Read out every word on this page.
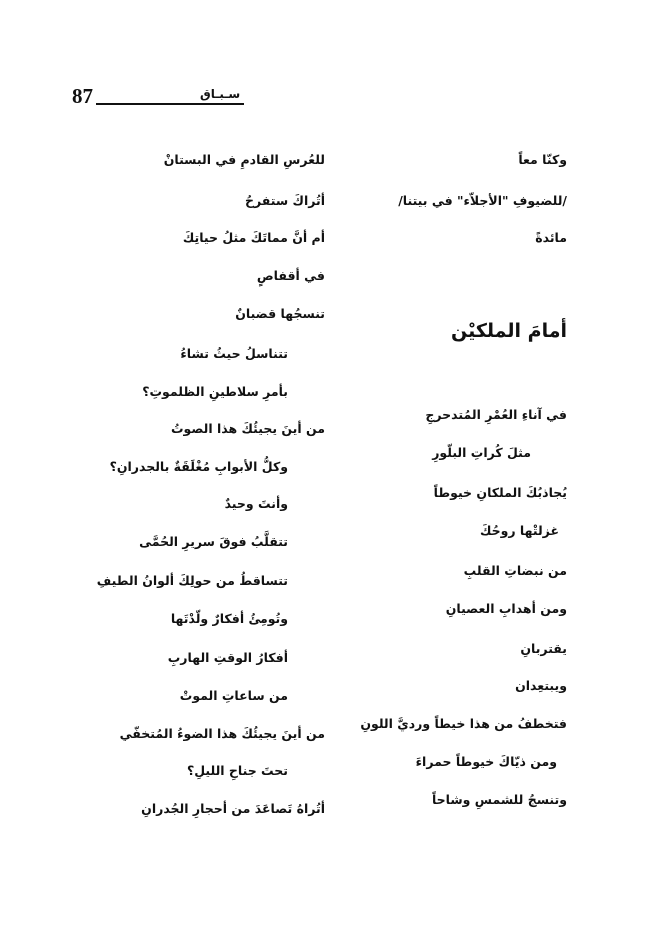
87	سـبـاق
وكنّا معاً
/للضيوفِ "الأجلاّء" في بيتنا/
مائدةً
أمامَ الملكيْن
في آناءِ العُمْرِ المُتدحرجِ
مثلَ كُراتِ البلّورِ
يُجاذبُكَ الملكانِ خيوطاً
غزلتْها روحُكَ
من نبضاتِ القلبِ
ومن أهدابِ العصيانِ
يقتربانِ
ويبتعِدان
فتخطفُ من هذا خيطاً ورديَّ اللونِ
ومن ذيّاكَ خيوطاً حمراءَ
وتنسجُ للشمسِ وشاحاً
للعُرسِ القادمِ في البستانْ
أتُراكَ ستفرحُ
أم أنَّ مماتَكَ مثلُ حياتِكَ
في أقفاصٍ
تنسجُها قضبانٌ
تتناسلُ حيثُ تشاءُ
بأمرِ سلاطينِ الظلموتِ؟
من أينَ يجيئُكَ هذا الصوتُ
وكلُّ الأبوابِ مُغْلَقَةٌ بالجدرانِ؟
وأنتَ وحيدٌ
تتقلَّبُ فوقَ سريرِ الحُمَّى
تتساقطُ من حولِكَ ألوانُ الطيفِ
وتُومِئُ أفكارٌ ولّدْتَها
أفكارُ الوقتِ الهاربِ
من ساعاتِ الموتْ
من أينَ يجيئُكَ هذا الضوءُ المُتخفّي
تحتَ جناحِ الليلِ؟
أتُراهُ تَصاعَدَ من أحجارِ الجُدرانِ
